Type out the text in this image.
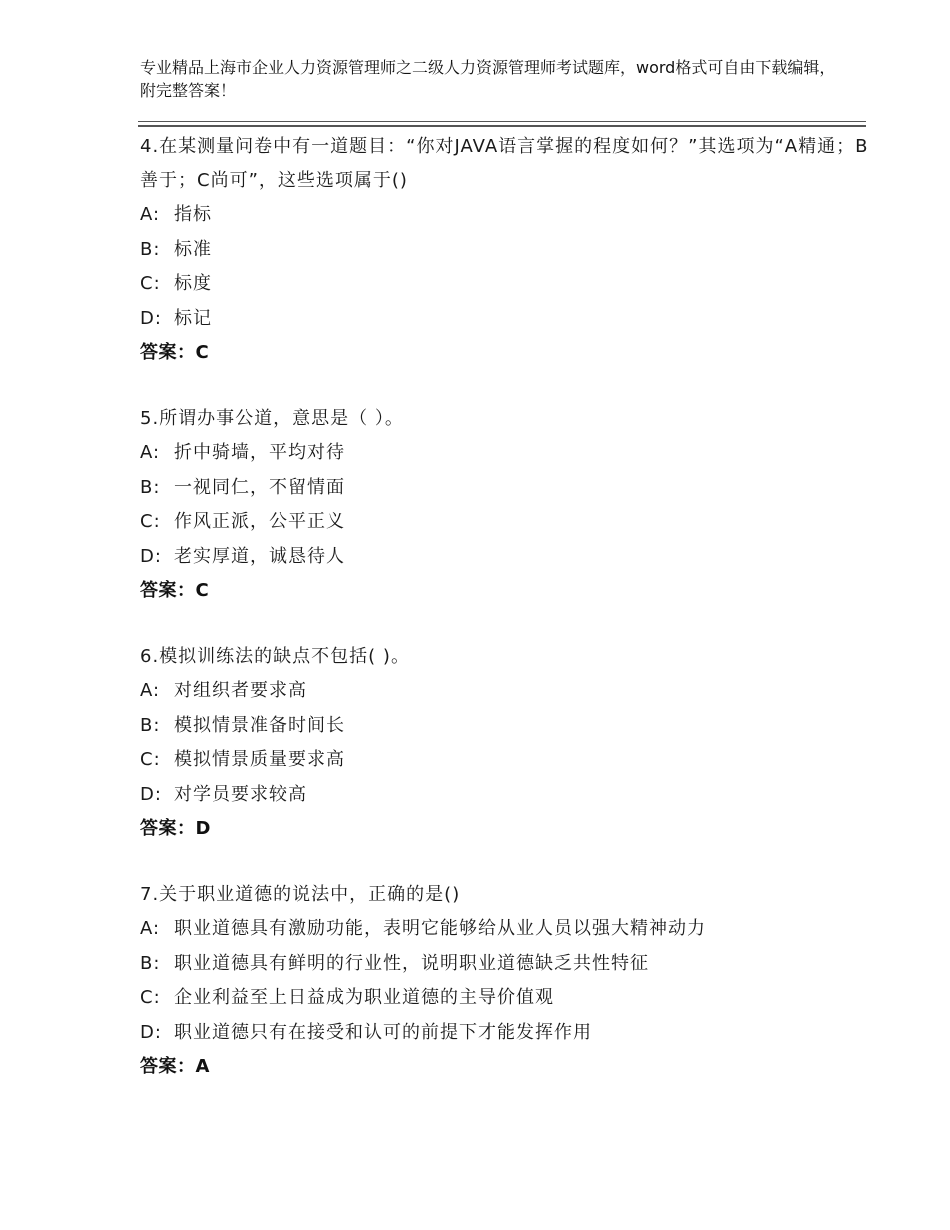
专业精品上海市企业人力资源管理师之二级人力资源管理师考试题库，word格式可自由下载编辑，附完整答案！
4.在某测量问卷中有一道题目：“你对JAVA语言掌握的程度如何？”其选项为“A精通；B善于；C尚可”，这些选项属于()
A: 指标
B: 标准
C: 标度
D: 标记
答案：C
5.所谓办事公道，意思是（ ）。
A: 折中骑墙，平均对待
B: 一视同仁，不留情面
C: 作风正派，公平正义
D: 老实厚道，诚恳待人
答案：C
6.模拟训练法的缺点不包括( )。
A: 对组织者要求高
B: 模拟情景准备时间长
C: 模拟情景质量要求高
D: 对学员要求较高
答案：D
7.关于职业道德的说法中，正确的是()
A: 职业道德具有激励功能，表明它能够给从业人员以强大精神动力
B: 职业道德具有鲜明的行业性，说明职业道德缺乏共性特征
C: 企业利益至上日益成为职业道德的主导价值观
D: 职业道德只有在接受和认可的前提下才能发挥作用
答案：A
